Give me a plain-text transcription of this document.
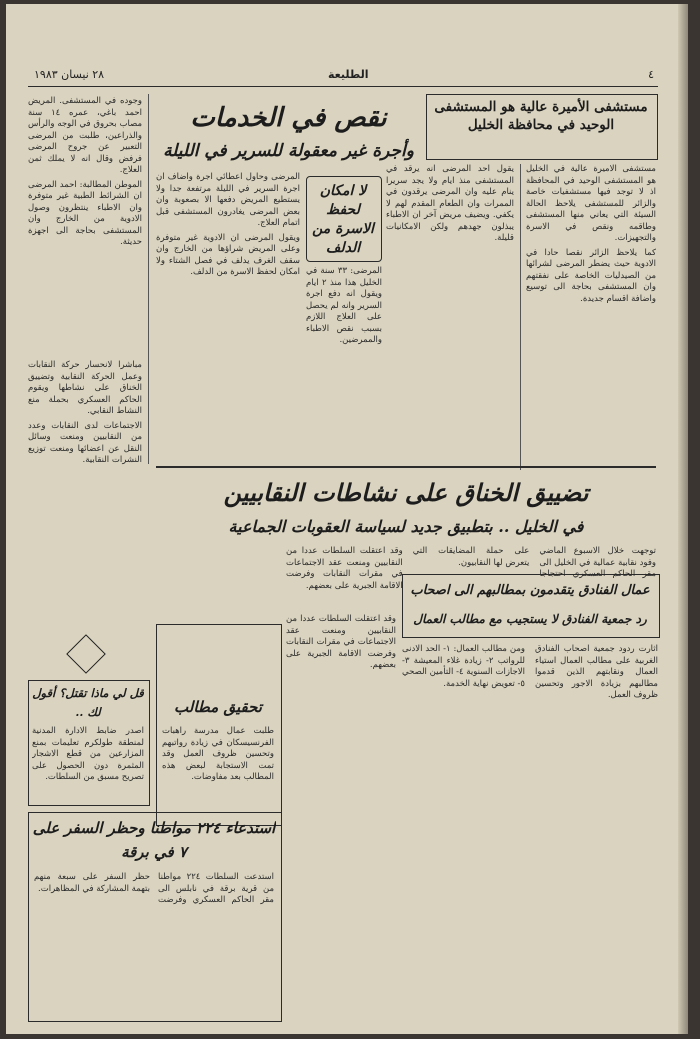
٢٨ نيسان ١٩٨٣	الطليعة	٤
مستشفى الأميرة عالية هو المستشفى الوحيد في محافظة الخليل

مستشفى الاميرة عالية في الخليل هو المستشفى الوحيد في المحافظة اذ لا توجد فيها مستشفيات خاصة والزائر للمستشفى يلاحظ الحالة السيئة التي يعاني منها المستشفى وطاقمه ونقص في الاسرة والتجهيزات.

كما يلاحظ الزائر نقصا حادا في الادوية حيث يضطر المرضى لشرائها من الصيدليات الخاصة على نفقتهم وان المستشفى بحاجة الى توسيع واضافة اقسام جديدة.

يقول احد المرضى انه يرقد في المستشفى منذ ايام ولا يجد سريرا ينام عليه وان المرضى يرقدون في الممرات وان الطعام المقدم لهم لا يكفي. ويضيف مريض آخر ان الاطباء يبذلون جهدهم ولكن الامكانيات قليلة.

نقص في الخدمات
وأجرة غير معقولة للسرير في الليلة
لا امكان لحفظ الاسرة من الدلف

المرضى وحاول اعطائي اجرة واضاف ان اجرة السرير في الليلة مرتفعة جدا ولا يستطيع المريض دفعها الا بصعوبة وان بعض المرضى يغادرون المستشفى قبل اتمام العلاج.

ويقول المرضى ان الادوية غير متوفرة وعلى المريض شراؤها من الخارج وان سقف الغرف يدلف في فصل الشتاء ولا امكان لحفظ الاسرة من الدلف. المرضى: ٣٣ سنة في الخليل هذا منذ ٢ ايام ويقول انه دفع اجرة السرير وانه لم يحصل على العلاج اللازم بسبب نقص الاطباء والممرضين.

وجوده في المستشفى. المريض احمد باغي، عمره ١٤ سنة مصاب بحروق في الوجه والرأس والذراعين، طلبت من المرضى التعبير عن جروح المرضى فرفض وقال انه لا يملك ثمن العلاج.

الموطن المطالبة: احمد المرضى ان الشرائط الطبية غير متوفرة وان الاطباء ينتظرون وصول الادوية من الخارج وان المستشفى بحاجة الى اجهزة حديثة.

مباشرا لانحسار حركة النقابات وعمل الحركة النقابية وتضييق الخناق على نشاطها ويقوم الحاكم العسكري بحملة منع النشاط النقابي.

الاجتماعات لدى النقابات وعدد من النقابيين ومنعت وسائل النقل عن اعضائها ومنعت توزيع النشرات النقابية.

تضييق الخناق على نشاطات النقابيين
في الخليل .. بتطبيق جديد لسياسة العقوبات الجماعية

توجهت خلال الاسبوع الماضي وفود نقابية عمالية في الخليل الى مقر الحاكم العسكري احتجاجا على حملة المضايقات التي يتعرض لها النقابيون.

وقد اعتقلت السلطات عددا من النقابيين ومنعت عقد الاجتماعات في مقرات النقابات وفرضت الاقامة الجبرية على بعضهم.	عمال الفنادق يتقدمون بمطالبهم الى اصحاب
رد جمعية الفنادق لا يستجيب مع مطالب العمال

اثارت ردود جمعية اصحاب الفنادق الغربية على مطالب العمال استياء العمال ونقابتهم الذين قدموا مطالبهم بزيادة الاجور وتحسين ظروف العمل.

ومن مطالب العمال: ١- الحد الادنى للرواتب ٢- زيادة غلاء المعيشة ٣- الاجازات السنوية ٤- التأمين الصحي ٥- تعويض نهاية الخدمة.

وقد اعتقلت السلطات عددا من النقابيين ومنعت عقد الاجتماعات في مقرات النقابات وفرضت الاقامة الجبرية على بعضهم.

تحقيق مطالب

طلبت عمال مدرسة راهبات الفرنسيسكان في زيادة رواتبهم وتحسين ظروف العمل وقد تمت الاستجابة لبعض هذه المطالب بعد مفاوضات.

قل لي ماذا تقتل؟ أقول لك ..

اصدر ضابط الادارة المدنية لمنطقة طولكرم تعليمات بمنع المزارعين من قطع الاشجار المثمرة دون الحصول على تصريح مسبق من السلطات.

استدعاء ٢٢٤ مواطنا وحظر السفر على ٧ في برقة

استدعت السلطات ٢٢٤ مواطنا من قرية برقة في نابلس الى مقر الحاكم العسكري وفرضت حظر السفر على سبعة منهم بتهمة المشاركة في المظاهرات.
